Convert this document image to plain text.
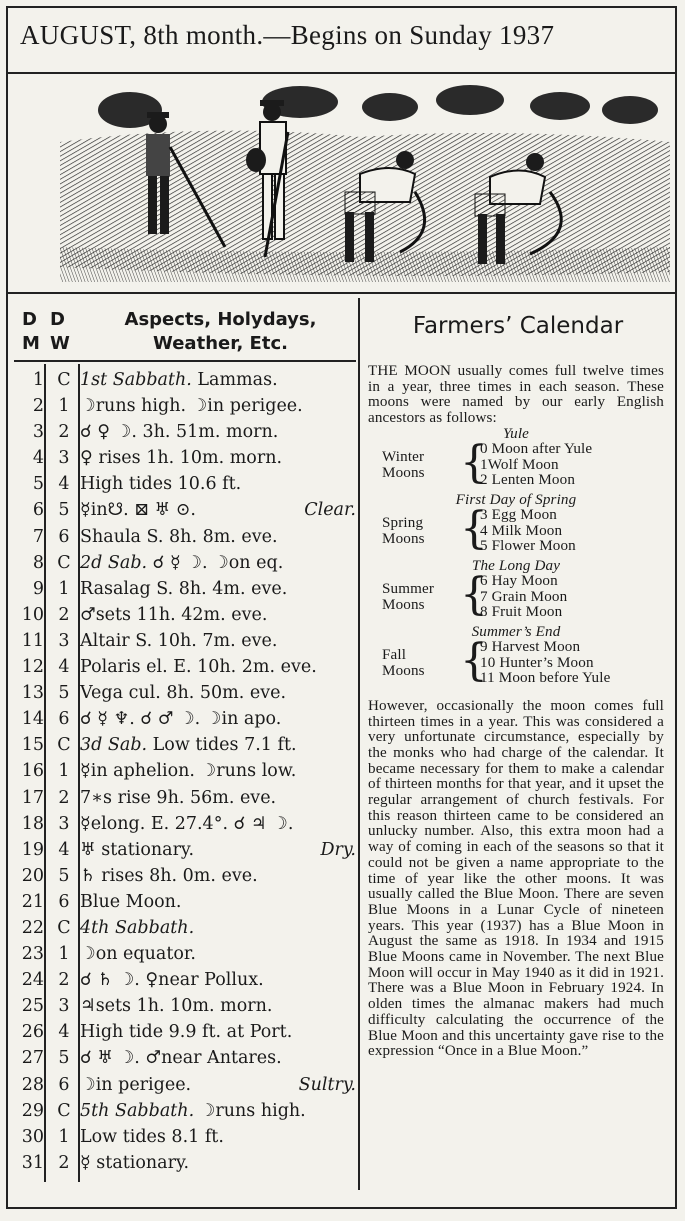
AUGUST, 8th month.—Begins on Sunday 1937
D
M
D
W
Aspects, Holydays,
Weather, Etc.
Farmers’ Calendar
1 C 1st Sabbath. Lammas.
2 1 ☽runs high. ☽in perigee.
3 2 ☌ ♀ ☽. 3h. 51m. morn.
4 3 ♀ rises 1h. 10m. morn.
5 4 High tides 10.6 ft.
6 5 ☿in☋. ⊠ ♅ ⊙.	Clear.
7 6 Shaula S. 8h. 8m. eve.
8 C 2d Sab. ☌ ☿ ☽. ☽on eq.
9 1 Rasalag S. 8h. 4m. eve.
10 2 ♂sets 11h. 42m. eve.
11 3 Altair S. 10h. 7m. eve.
12 4 Polaris el. E. 10h. 2m. eve.
13 5 Vega cul. 8h. 50m. eve.
14 6 ☌ ☿ ♆. ☌ ♂ ☽. ☽in apo.
15 C 3d Sab. Low tides 7.1 ft.
16 1 ☿in aphelion. ☽runs low.
17 2 7∗s rise 9h. 56m. eve.
18 3 ☿elong. E. 27.4°. ☌ ♃ ☽.
19 4 ♅ stationary.	Dry.
20 5 ♄ rises 8h. 0m. eve.
21 6 Blue Moon.
22 C 4th Sabbath.
23 1 ☽on equator.
24 2 ☌ ♄ ☽. ♀near Pollux.
25 3 ♃sets 1h. 10m. morn.
26 4 High tide 9.9 ft. at Port.
27 5 ☌ ♅ ☽. ♂near Antares.
28 6 ☽in perigee.	Sultry.
29 C 5th Sabbath. ☽runs high.
30 1 Low tides 8.1 ft.
31 2 ☿ stationary.

THE MOON usually comes full twelve times in a year, three times in each season. These moons were named by our early English ancestors as follows:

Yule
Winter
Moons {
0 Moon after Yule
1Wolf Moon
2 Lenten Moon
First Day of Spring
Spring
Moons {
3 Egg Moon
4 Milk Moon
5 Flower Moon
The Long Day
Summer
Moons {
6 Hay Moon
7 Grain Moon
8 Fruit Moon
Summer’s End
Fall
Moons {
9 Harvest Moon
10 Hunter’s Moon
11 Moon before Yule

However, occasionally the moon comes full thirteen times in a year. This was considered a very unfortunate circumstance, especially by the monks who had charge of the calendar. It became necessary for them to make a calendar of thirteen months for that year, and it upset the regular arrangement of church festivals. For this reason thirteen came to be considered an unlucky number. Also, this extra moon had a way of coming in each of the seasons so that it could not be given a name appropriate to the time of year like the other moons. It was usually called the Blue Moon. There are seven Blue Moons in a Lunar Cycle of nineteen years. This year (1937) has a Blue Moon in August the same as 1918. In 1934 and 1915 Blue Moons came in November. The next Blue Moon will occur in May 1940 as it did in 1921. There was a Blue Moon in February 1924. In olden times the almanac makers had much difficulty calculating the occurrence of the Blue Moon and this uncertainty gave rise to the expression “Once in a Blue Moon.”
